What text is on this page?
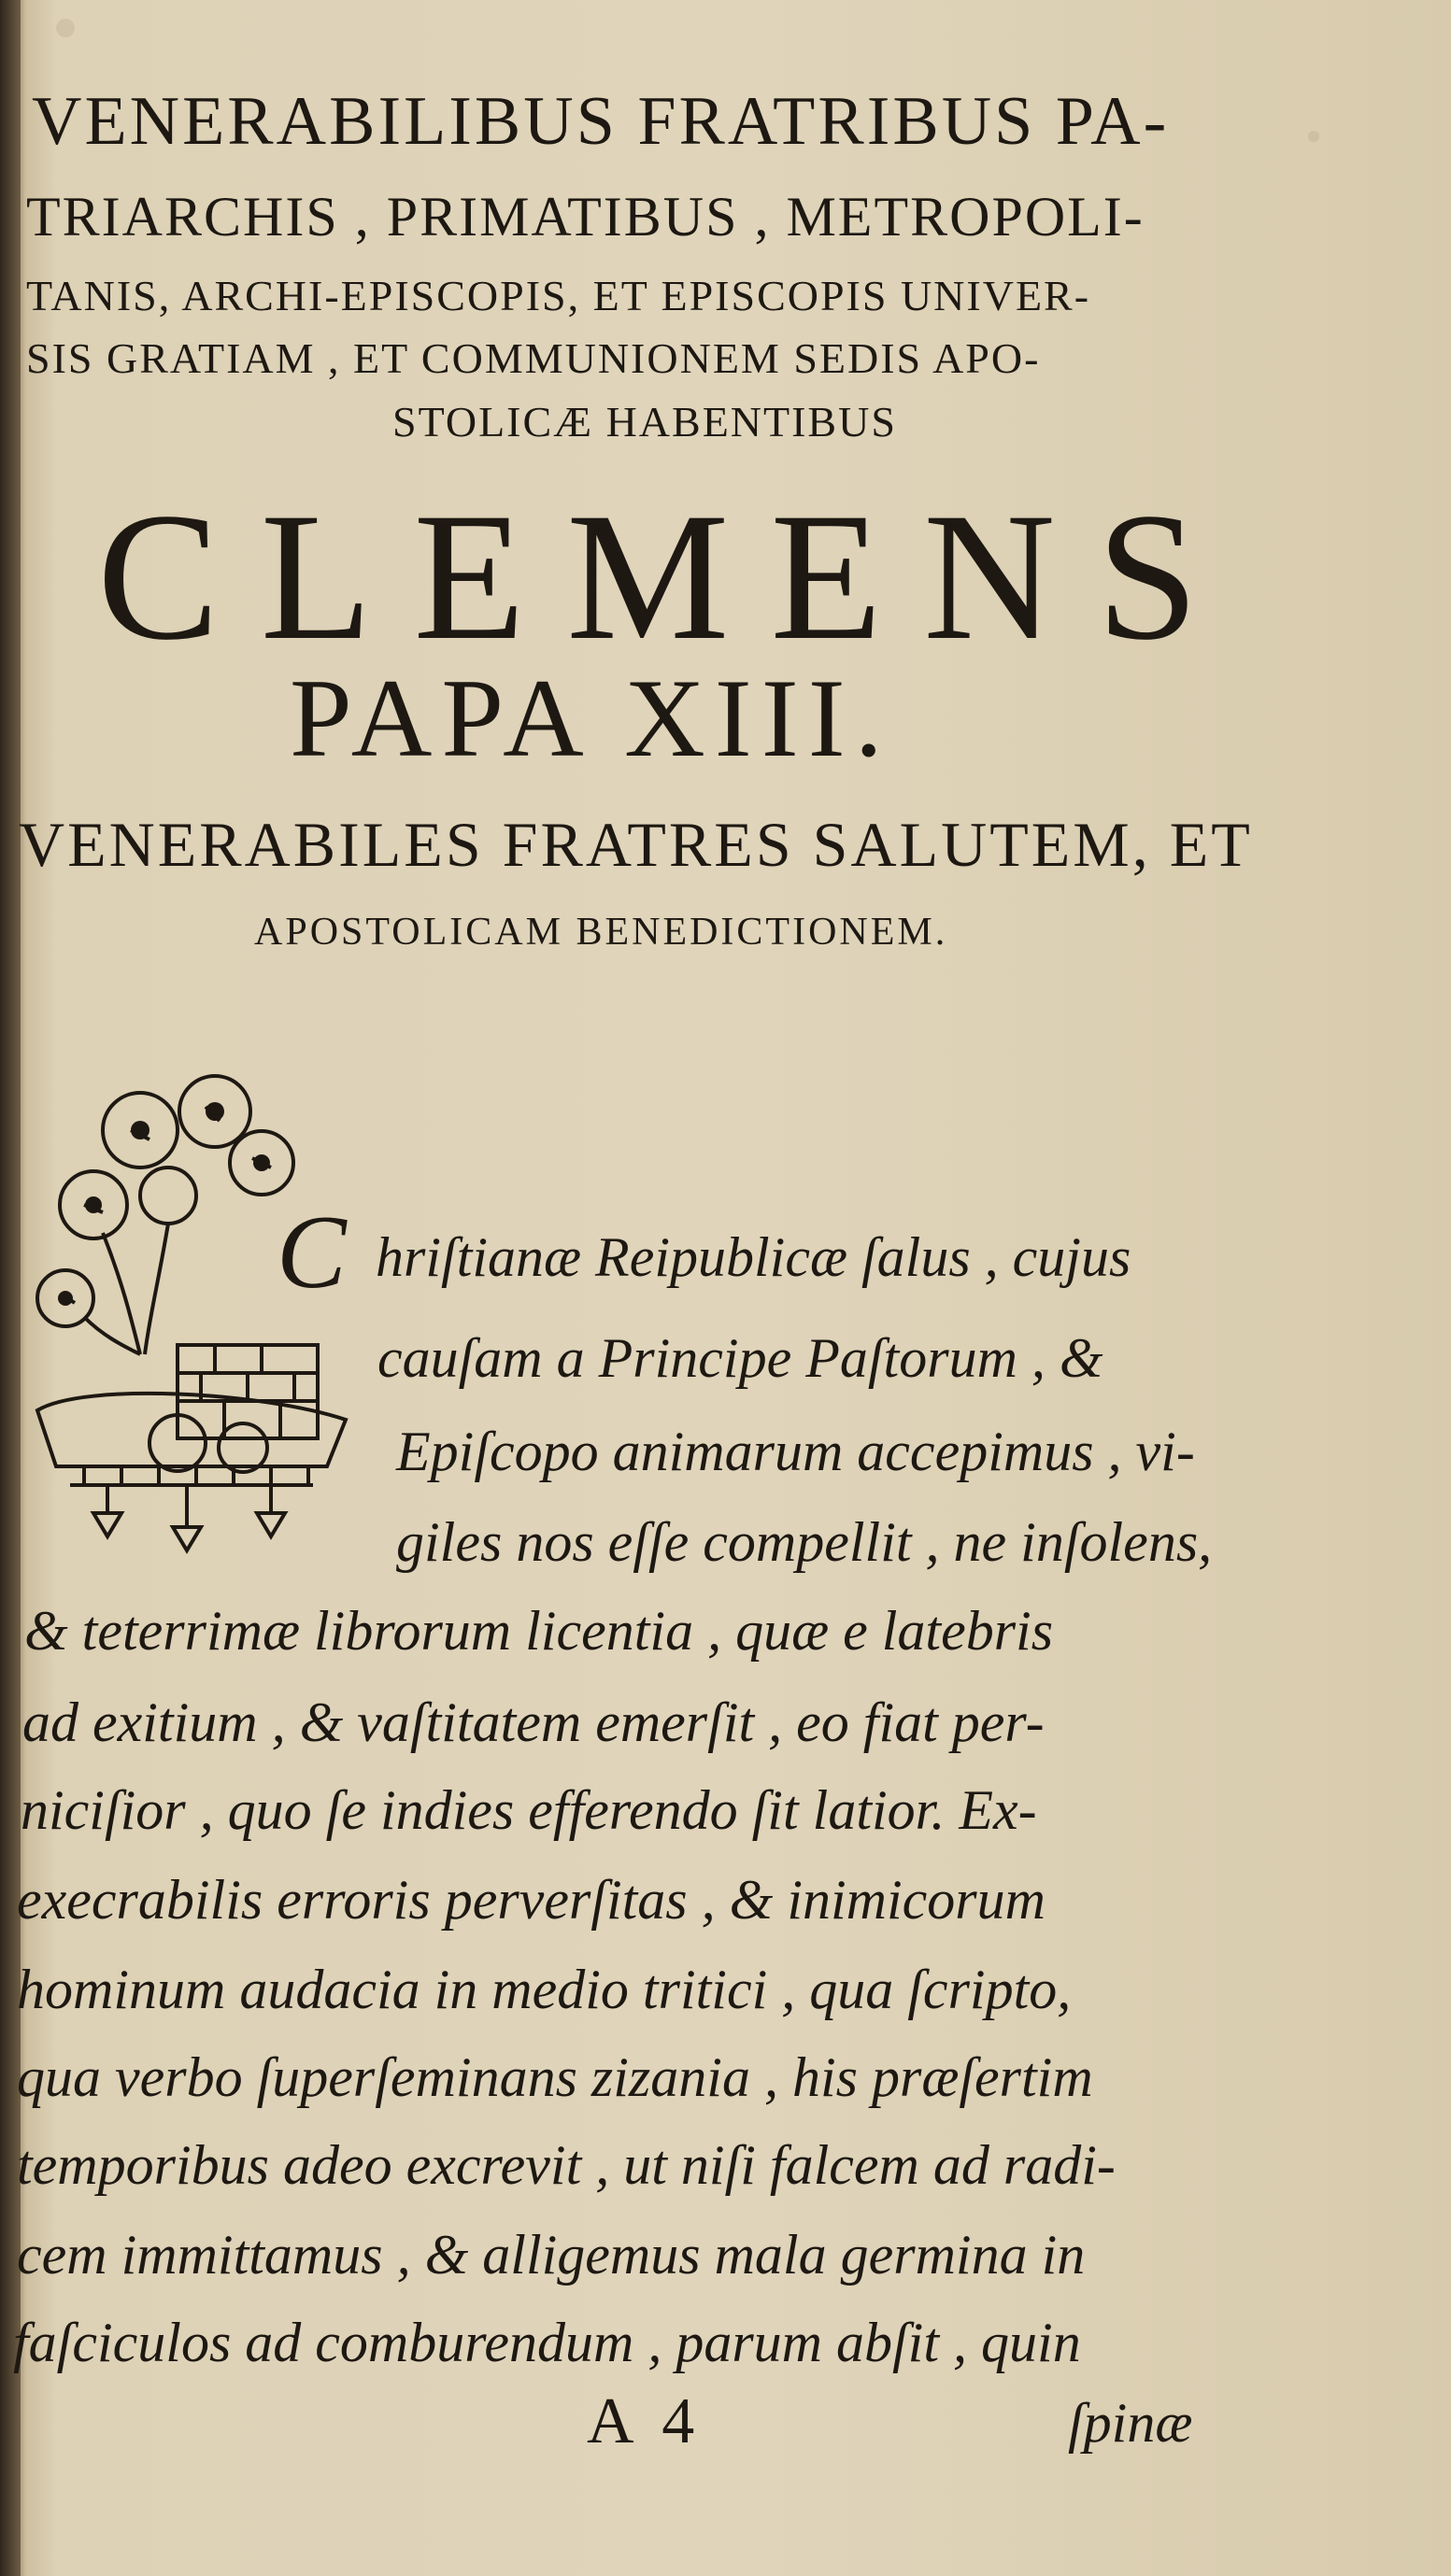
VENERABILIBUS FRATRIBUS PA-
TRIARCHIS , PRIMATIBUS , METROPOLI-
TANIS, ARCHI-EPISCOPIS, ET EPISCOPIS UNIVER-
SIS GRATIAM , ET COMMUNIONEM SEDIS APO-
STOLICÆ HABENTIBUS
CLEMENS
PAPA XIII.
VENERABILES FRATRES SALUTEM, ET
APOSTOLICAM BENEDICTIONEM.
C hriſtianæ Reipublicæ ſalus , cujus
cauſam a Principe Paſtorum , &
Epiſcopo animarum accepimus , vi-
giles nos eſſe compellit , ne inſolens,
& teterrimæ librorum licentia , quæ e latebris
ad exitium , & vaſtitatem emerſit , eo fiat per-
niciſior , quo ſe indies efferendo ſit latior. Ex-
execrabilis erroris perverſitas , & inimicorum
hominum audacia in medio tritici , qua ſcripto,
qua verbo ſuperſeminans zizania , his præſertim
temporibus adeo excrevit , ut niſi falcem ad radi-
cem immittamus , & alligemus mala germina in
faſciculos ad comburendum , parum abſit , quin
A 4	ſpinæ
